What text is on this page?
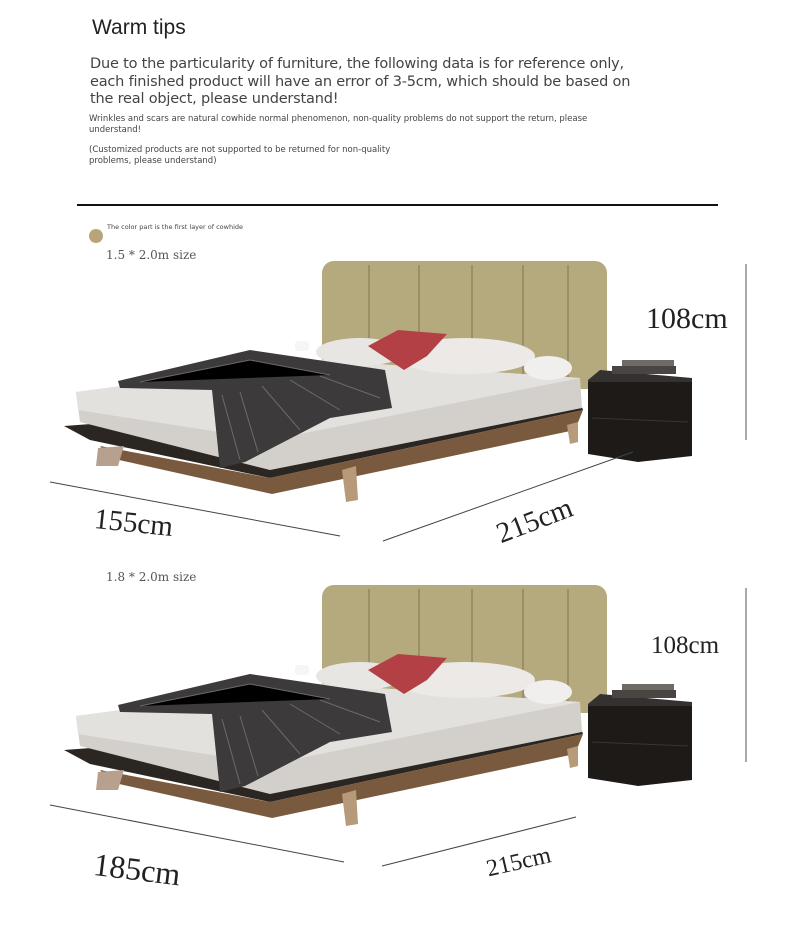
Warm tips
Due to the particularity of furniture, the following data is for reference only, each finished product will have an error of 3-5cm, which should be based on the real object, please understand!
Wrinkles and scars are natural cowhide normal phenomenon, non-quality problems do not support the return, please understand!
(Customized products are not supported to be returned for non-quality problems, please understand)
The color part is the first layer of cowhide
1.5 * 2.0m size
108cm
155cm	215cm
1.8 * 2.0m size
108cm
185cm	215cm
